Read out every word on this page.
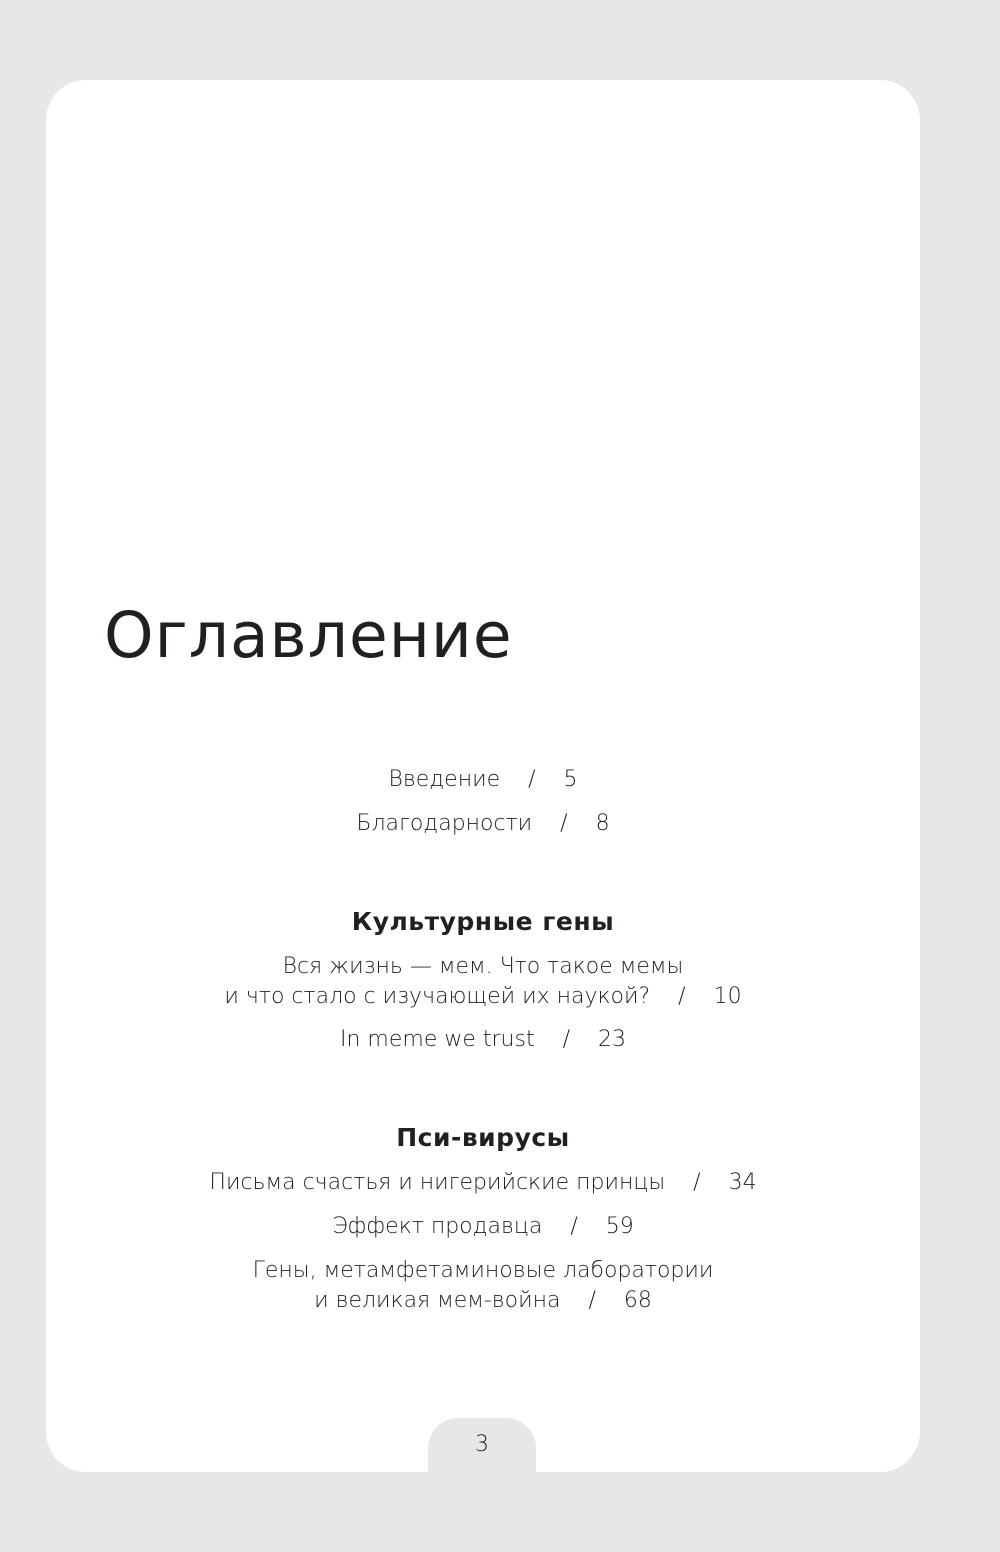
Оглавление
Введение / 5
Благодарности / 8
Культурные гены
Вся жизнь — мем. Что такое мемы
и что стало с изучающей их наукой? / 10
In meme we trust / 23
Пси-вирусы
Письма счастья и нигерийские принцы / 34
Эффект продавца / 59
Гены, метамфетаминовые лаборатории
и великая мем-война / 68
3
